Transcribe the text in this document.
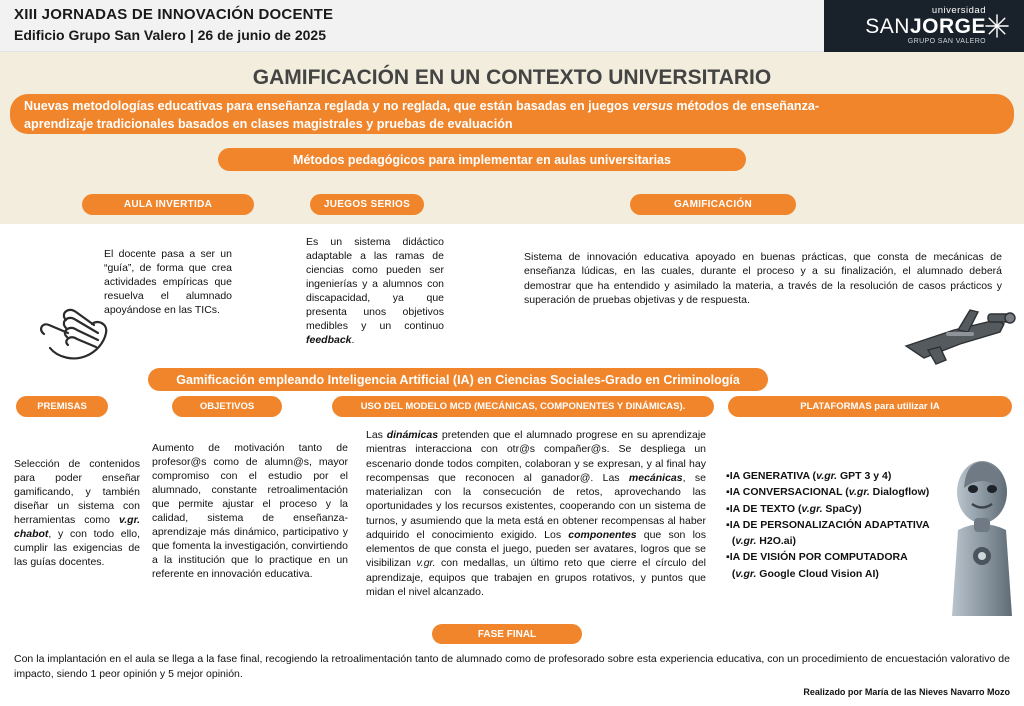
XIII JORNADAS DE INNOVACIÓN DOCENTE
Edificio Grupo San Valero | 26 de junio de 2025
universidad
SANJORGE
GRUPO SAN VALERO
GAMIFICACIÓN EN UN CONTEXTO UNIVERSITARIO

Nuevas metodologías educativas para enseñanza reglada y no reglada, que están basadas en juegos versus métodos de enseñanza-

aprendizaje tradicionales basados en clases magistrales y pruebas de evaluación

Métodos pedagógicos para implementar en aulas universitarias
AULA INVERTIDA	JUEGOS SERIOS	GAMIFICACIÓN
El docente pasa a ser un “guía”, de forma que crea actividades empíricas que resuelva el alumnado apoyándose en las TICs.
Es un sistema didáctico adaptable a las ramas de ciencias como pueden ser ingenierías y a alumnos con discapacidad, ya que presenta unos objetivos medibles y un continuo feedback.
Sistema de innovación educativa apoyado en buenas prácticas, que consta de mecánicas de enseñanza lúdicas, en las cuales, durante el proceso y a su finalización, el alumnado deberá demostrar que ha entendido y asimilado la materia, a través de la resolución de casos prácticos y superación de pruebas objetivas y de respuesta.
Gamificación empleando Inteligencia Artificial (IA) en Ciencias Sociales-Grado en Criminología
PREMISAS	OBJETIVOS	USO DEL MODELO MCD (MECÁNICAS, COMPONENTES Y DINÁMICAS).	PLATAFORMAS para utilizar IA
Selección de contenidos para poder enseñar gamificando, y también diseñar un sistema con herramientas como v.gr. chabot, y con todo ello, cumplir las exigencias de las guías docentes.
Aumento de motivación tanto de profesor@s como de alumn@s, mayor compromiso con el estudio por el alumnado, constante retroalimentación que permite ajustar el proceso y la calidad, sistema de enseñanza-aprendizaje más dinámico, participativo y que fomenta la investigación, convirtiendo a la institución que lo practique en un referente en innovación educativa.
Las dinámicas pretenden que el alumnado progrese en su aprendizaje mientras interacciona con otr@s compañer@s. Se despliega un escenario donde todos compiten, colaboran y se expresan, y al final hay recompensas que reconocen al ganador@. Las mecánicas, se materializan con la consecución de retos, aprovechando las oportunidades y los recursos existentes, cooperando con un sistema de turnos, y asumiendo que la meta está en obtener recompensas al haber adquirido el conocimiento exigido. Los componentes que son los elementos de que consta el juego, pueden ser avatares, logros que se visibilizan v.gr. con medallas, un último reto que cierre el círculo del aprendizaje, equipos que trabajen en grupos rotativos, y puntos que midan el nivel alcanzado.
▪IA GENERATIVA (v.gr. GPT 3 y 4)
▪IA CONVERSACIONAL (v.gr. Dialogflow)
▪IA DE TEXTO (v.gr. SpaCy)
▪IA DE PERSONALIZACIÓN ADAPTATIVA
(v.gr. H2O.ai)
▪IA DE VISIÓN POR COMPUTADORA
(v.gr. Google Cloud Vision AI)
FASE FINAL
Con la implantación en el aula se llega a la fase final, recogiendo la retroalimentación tanto de alumnado como de profesorado sobre esta experiencia educativa, con un procedimiento de encuestación valorativo de impacto, siendo 1 peor opinión y 5 mejor opinión.
Realizado por María de las Nieves Navarro Mozo
